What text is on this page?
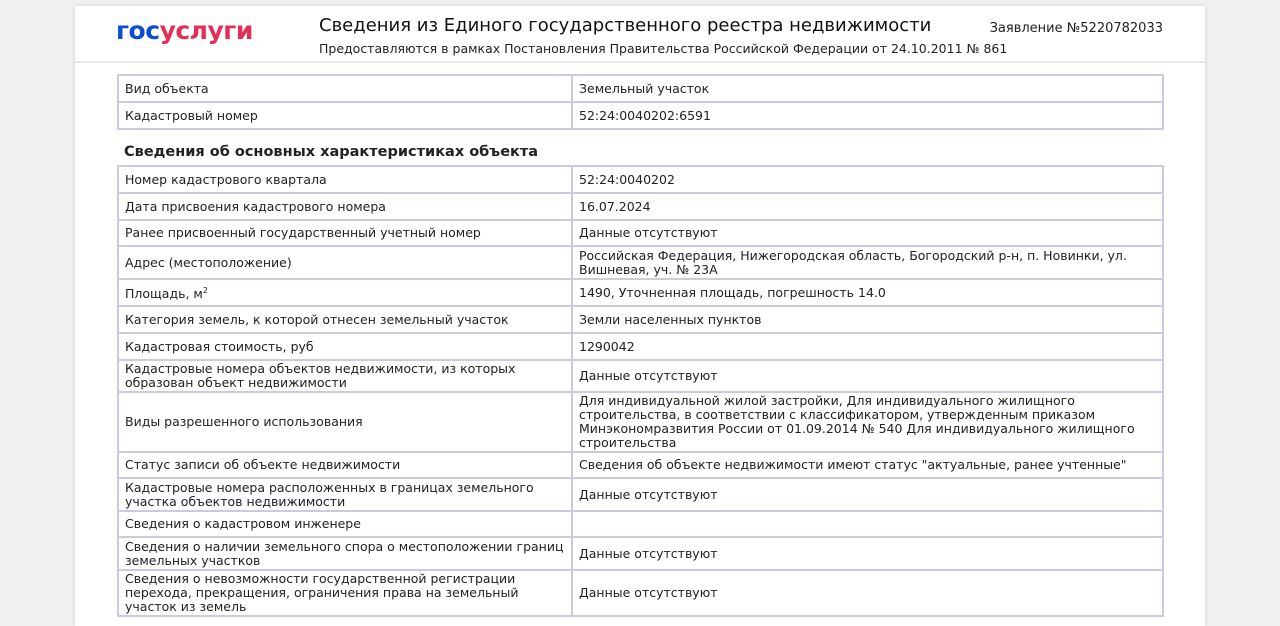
госуслуги	Сведения из Единого государственного реестра недвижимости
Предоставляются в рамках Постановления Правительства Российской Федерации от 24.10.2011 № 861
Заявление №5220782033
Вид объекта	Земельный участок
Кадастровый номер	52:24:0040202:6591
Сведения об основных характеристиках объекта
Номер кадастрового квартала	52:24:0040202
Дата присвоения кадастрового номера	16.07.2024
Ранее присвоенный государственный учетный номер	Данные отсутствуют
Адрес (местоположение)	Российская Федерация, Нижегородская область, Богородский р-н, п. Новинки, ул. Вишневая, уч. № 23А
Площадь, $м^2$	1490, Уточненная площадь, погрешность 14.0
Категория земель, к которой отнесен земельный участок	Земли населенных пунктов
Кадастровая стоимость, руб	1290042
Кадастровые номера объектов недвижимости, из которых образован объект недвижимости	Данные отсутствуют
Виды разрешенного использования	Для индивидуальной жилой застройки, Для индивидуального жилищного строительства, в соответствии с классификатором, утвержденным приказом Минэкономразвития России от 01.09.2014 № 540 Для индивидуального жилищного строительства
Статус записи об объекте недвижимости	Сведения об объекте недвижимости имеют статус "актуальные, ранее учтенные"
Кадастровые номера расположенных в границах земельного участка объектов недвижимости	Данные отсутствуют
Сведения о кадастровом инженере	
Сведения о наличии земельного спора о местоположении границ земельных участков	Данные отсутствуют
Сведения о невозможности государственной регистрации перехода, прекращения, ограничения права на земельный участок из земель	Данные отсутствуют
